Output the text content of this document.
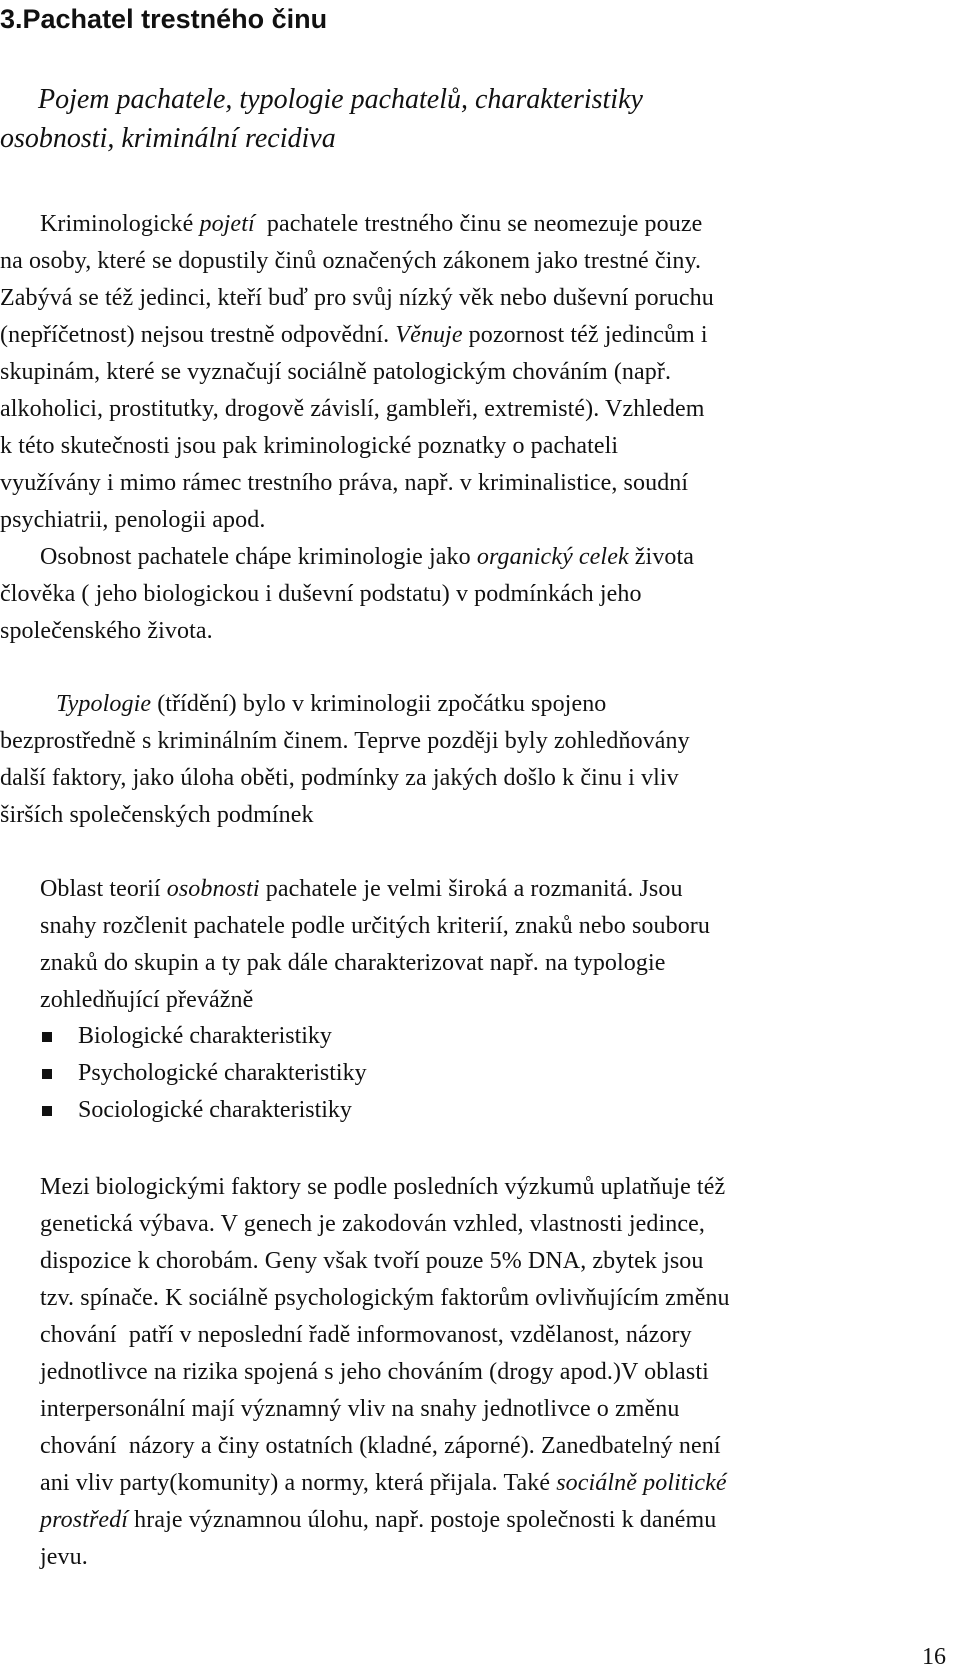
3.Pachatel trestného činu
Pojem pachatele, typologie pachatelů, charakteristiky
osobnosti, kriminální recidiva

Kriminologické pojetí  pachatele trestného činu se neomezuje pouze
na osoby, které se dopustily činů označených zákonem jako trestné činy.
Zabývá se též jedinci, kteří buď pro svůj nízký věk nebo duševní poruchu
(nepříčetnost) nejsou trestně odpovědní. Věnuje pozornost též jedincům i
skupinám, které se vyznačují sociálně patologickým chováním (např.
alkoholici, prostitutky, drogově závislí, gambleři, extremisté). Vzhledem
k této skutečnosti jsou pak kriminologické poznatky o pachateli
využívány i mimo rámec trestního práva, např. v kriminalistice, soudní
psychiatrii, penologii apod.
Osobnost pachatele chápe kriminologie jako organický celek života
člověka ( jeho biologickou i duševní podstatu) v podmínkách jeho
společenského života.

Typologie (třídění) bylo v kriminologii zpočátku spojeno
bezprostředně s kriminálním činem. Teprve později byly zohledňovány
další faktory, jako úloha oběti, podmínky za jakých došlo k činu i vliv
širších společenských podmínek

Oblast teorií osobnosti pachatele je velmi široká a rozmanitá. Jsou
snahy rozčlenit pachatele podle určitých kriterií, znaků nebo souboru
znaků do skupin a ty pak dále charakterizovat např. na typologie
zohledňující převážně

Biologické charakteristiky
Psychologické charakteristiky
Sociologické charakteristiky

Mezi biologickými faktory se podle posledních výzkumů uplatňuje též
genetická výbava. V genech je zakodován vzhled, vlastnosti jedince,
dispozice k chorobám. Geny však tvoří pouze 5% DNA, zbytek jsou
tzv. spínače. K sociálně psychologickým faktorům ovlivňujícím změnu
chování  patří v neposlední řadě informovanost, vzdělanost, názory
jednotlivce na rizika spojená s jeho chováním (drogy apod.)V oblasti
interpersonální mají významný vliv na snahy jednotlivce o změnu
chování  názory a činy ostatních (kladné, záporné). Zanedbatelný není
ani vliv party(komunity) a normy, která přijala. Také sociálně politické
prostředí hraje významnou úlohu, např. postoje společnosti k danému
jevu.

16
